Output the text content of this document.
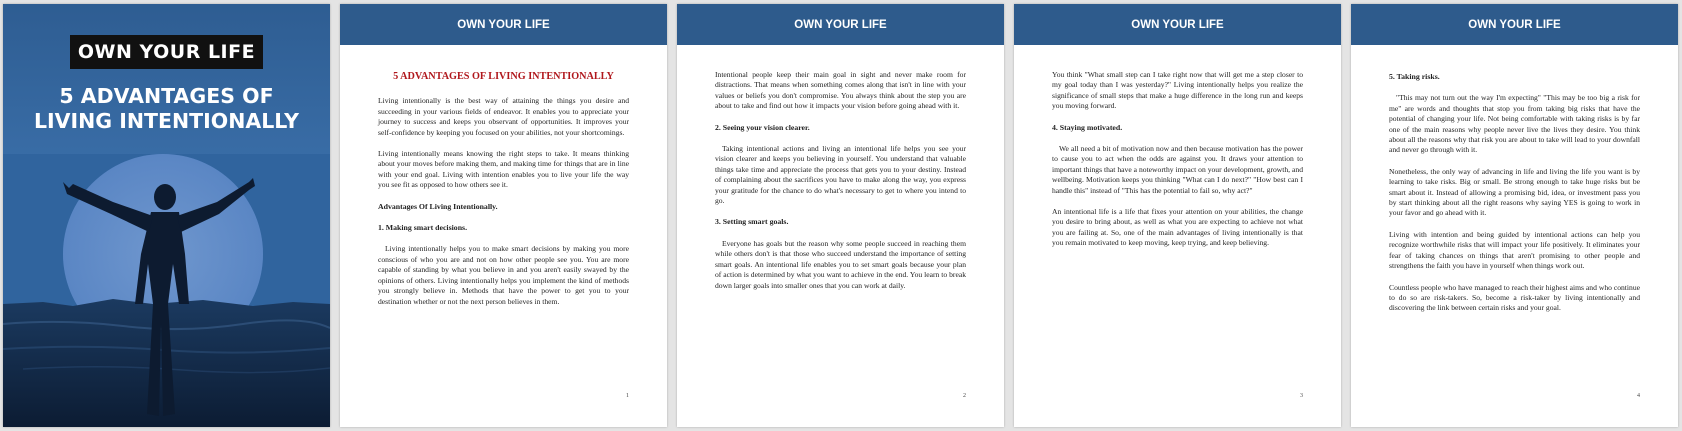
OWN YOUR LIFE
5 ADVANTAGES OF
LIVING INTENTIONALLY
OWN YOUR LIFE
5 ADVANTAGES OF LIVING INTENTIONALLY

Living intentionally is the best way of attaining the things you desire and succeeding in your various fields of endeavor. It enables you to appreciate your journey to success and keeps you observant of opportunities. It improves your self-confidence by keeping you focused on your abilities, not your shortcomings.

Living intentionally means knowing the right steps to take. It means thinking about your moves before making them, and making time for things that are in line with your end goal. Living with intention enables you to live your life the way you see fit as opposed to how others see it.

Advantages Of Living Intentionally.
1. Making smart decisions.

Living intentionally helps you to make smart decisions by making you more conscious of who you are and not on how other people see you. You are more capable of standing by what you believe in and you aren't easily swayed by the opinions of others. Living intentionally helps you implement the kind of methods you strongly believe in. Methods that have the power to get you to your destination whether or not the next person believes in them.

1
OWN YOUR LIFE

Intentional people keep their main goal in sight and never make room for distractions. That means when something comes along that isn't in line with your values or beliefs you don't compromise. You always think about the step you are about to take and find out how it impacts your vision before going ahead with it.

2. Seeing your vision clearer.

Taking intentional actions and living an intentional life helps you see your vision clearer and keeps you believing in yourself. You understand that valuable things take time and appreciate the process that gets you to your destiny. Instead of complaining about the sacrifices you have to make along the way, you express your gratitude for the chance to do what's necessary to get to where you intend to go.

3. Setting smart goals.

Everyone has goals but the reason why some people succeed in reaching them while others don't is that those who succeed understand the importance of setting smart goals. An intentional life enables you to set smart goals because your plan of action is determined by what you want to achieve in the end. You learn to break down larger goals into smaller ones that you can work at daily.

2
OWN YOUR LIFE

You think "What small step can I take right now that will get me a step closer to my goal today than I was yesterday?" Living intentionally helps you realize the significance of small steps that make a huge difference in the long run and keeps you moving forward.

4. Staying motivated.

We all need a bit of motivation now and then because motivation has the power to cause you to act when the odds are against you. It draws your attention to important things that have a noteworthy impact on your development, growth, and wellbeing. Motivation keeps you thinking "What can I do next?" "How best can I handle this" instead of "This has the potential to fail so, why act?"

An intentional life is a life that fixes your attention on your abilities, the change you desire to bring about, as well as what you are expecting to achieve not what you are failing at. So, one of the main advantages of living intentionally is that you remain motivated to keep moving, keep trying, and keep believing.

3
OWN YOUR LIFE
5. Taking risks.

"This may not turn out the way I'm expecting" "This may be too big a risk for me" are words and thoughts that stop you from taking big risks that have the potential of changing your life. Not being comfortable with taking risks is by far one of the main reasons why people never live the lives they desire. You think about all the reasons why that risk you are about to take will lead to your downfall and never go through with it.

Nonetheless, the only way of advancing in life and living the life you want is by learning to take risks. Big or small. Be strong enough to take huge risks but be smart about it. Instead of allowing a promising bid, idea, or investment pass you by start thinking about all the right reasons why saying YES is going to work in your favor and go ahead with it.

Living with intention and being guided by intentional actions can help you recognize worthwhile risks that will impact your life positively. It eliminates your fear of taking chances on things that aren't promising to other people and strengthens the faith you have in yourself when things work out.

Countless people who have managed to reach their highest aims and who continue to do so are risk-takers. So, become a risk-taker by living intentionally and discovering the link between certain risks and your goal.

4
